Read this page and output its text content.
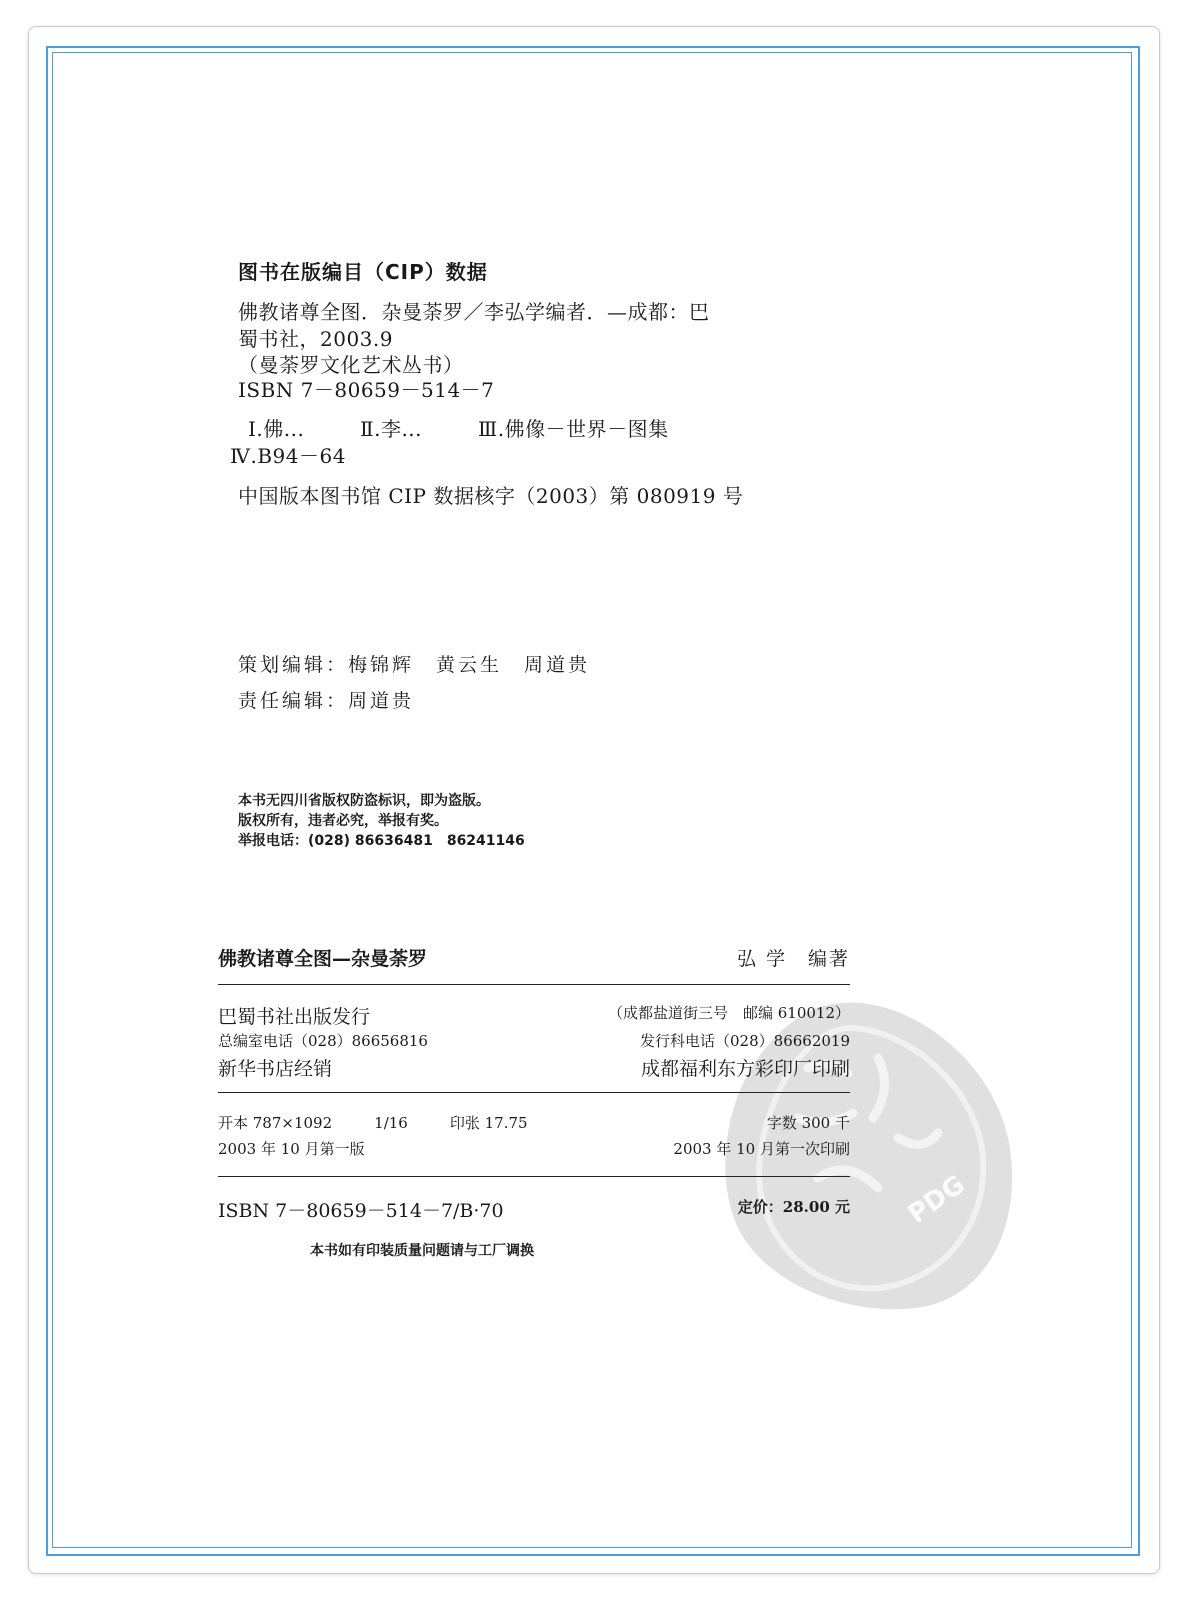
图书在版编目（CIP）数据
佛教诸尊全图．杂曼荼罗／李弘学编者．—成都：巴
蜀书社，2003.9
（曼荼罗文化艺术丛书）
ISBN 7－80659－514－7
Ⅰ.佛...	Ⅱ.李...	Ⅲ.佛像－世界－图集
Ⅳ.B94－64
中国版本图书馆 CIP 数据核字（2003）第 080919 号
策划编辑：梅锦辉　黄云生　周道贵
责任编辑：周道贵
本书无四川省版权防盗标识，即为盗版。
版权所有，违者必究，举报有奖。
举报电话：(028) 86636481　86241146
PDG
佛教诸尊全图—杂曼荼罗	弘 学　编著
巴蜀书社出版发行	（成都盐道街三号　邮编 610012）
总编室电话（028）86656816	发行科电话（028）86662019
新华书店经销	成都福利东方彩印厂印刷
开本 787×1092	1/16	印张 17.75	字数 300 千
2003 年 10 月第一版	2003 年 10 月第一次印刷
ISBN 7－80659－514－7/B·70	定价：28.00 元
本书如有印装质量问题请与工厂调换
